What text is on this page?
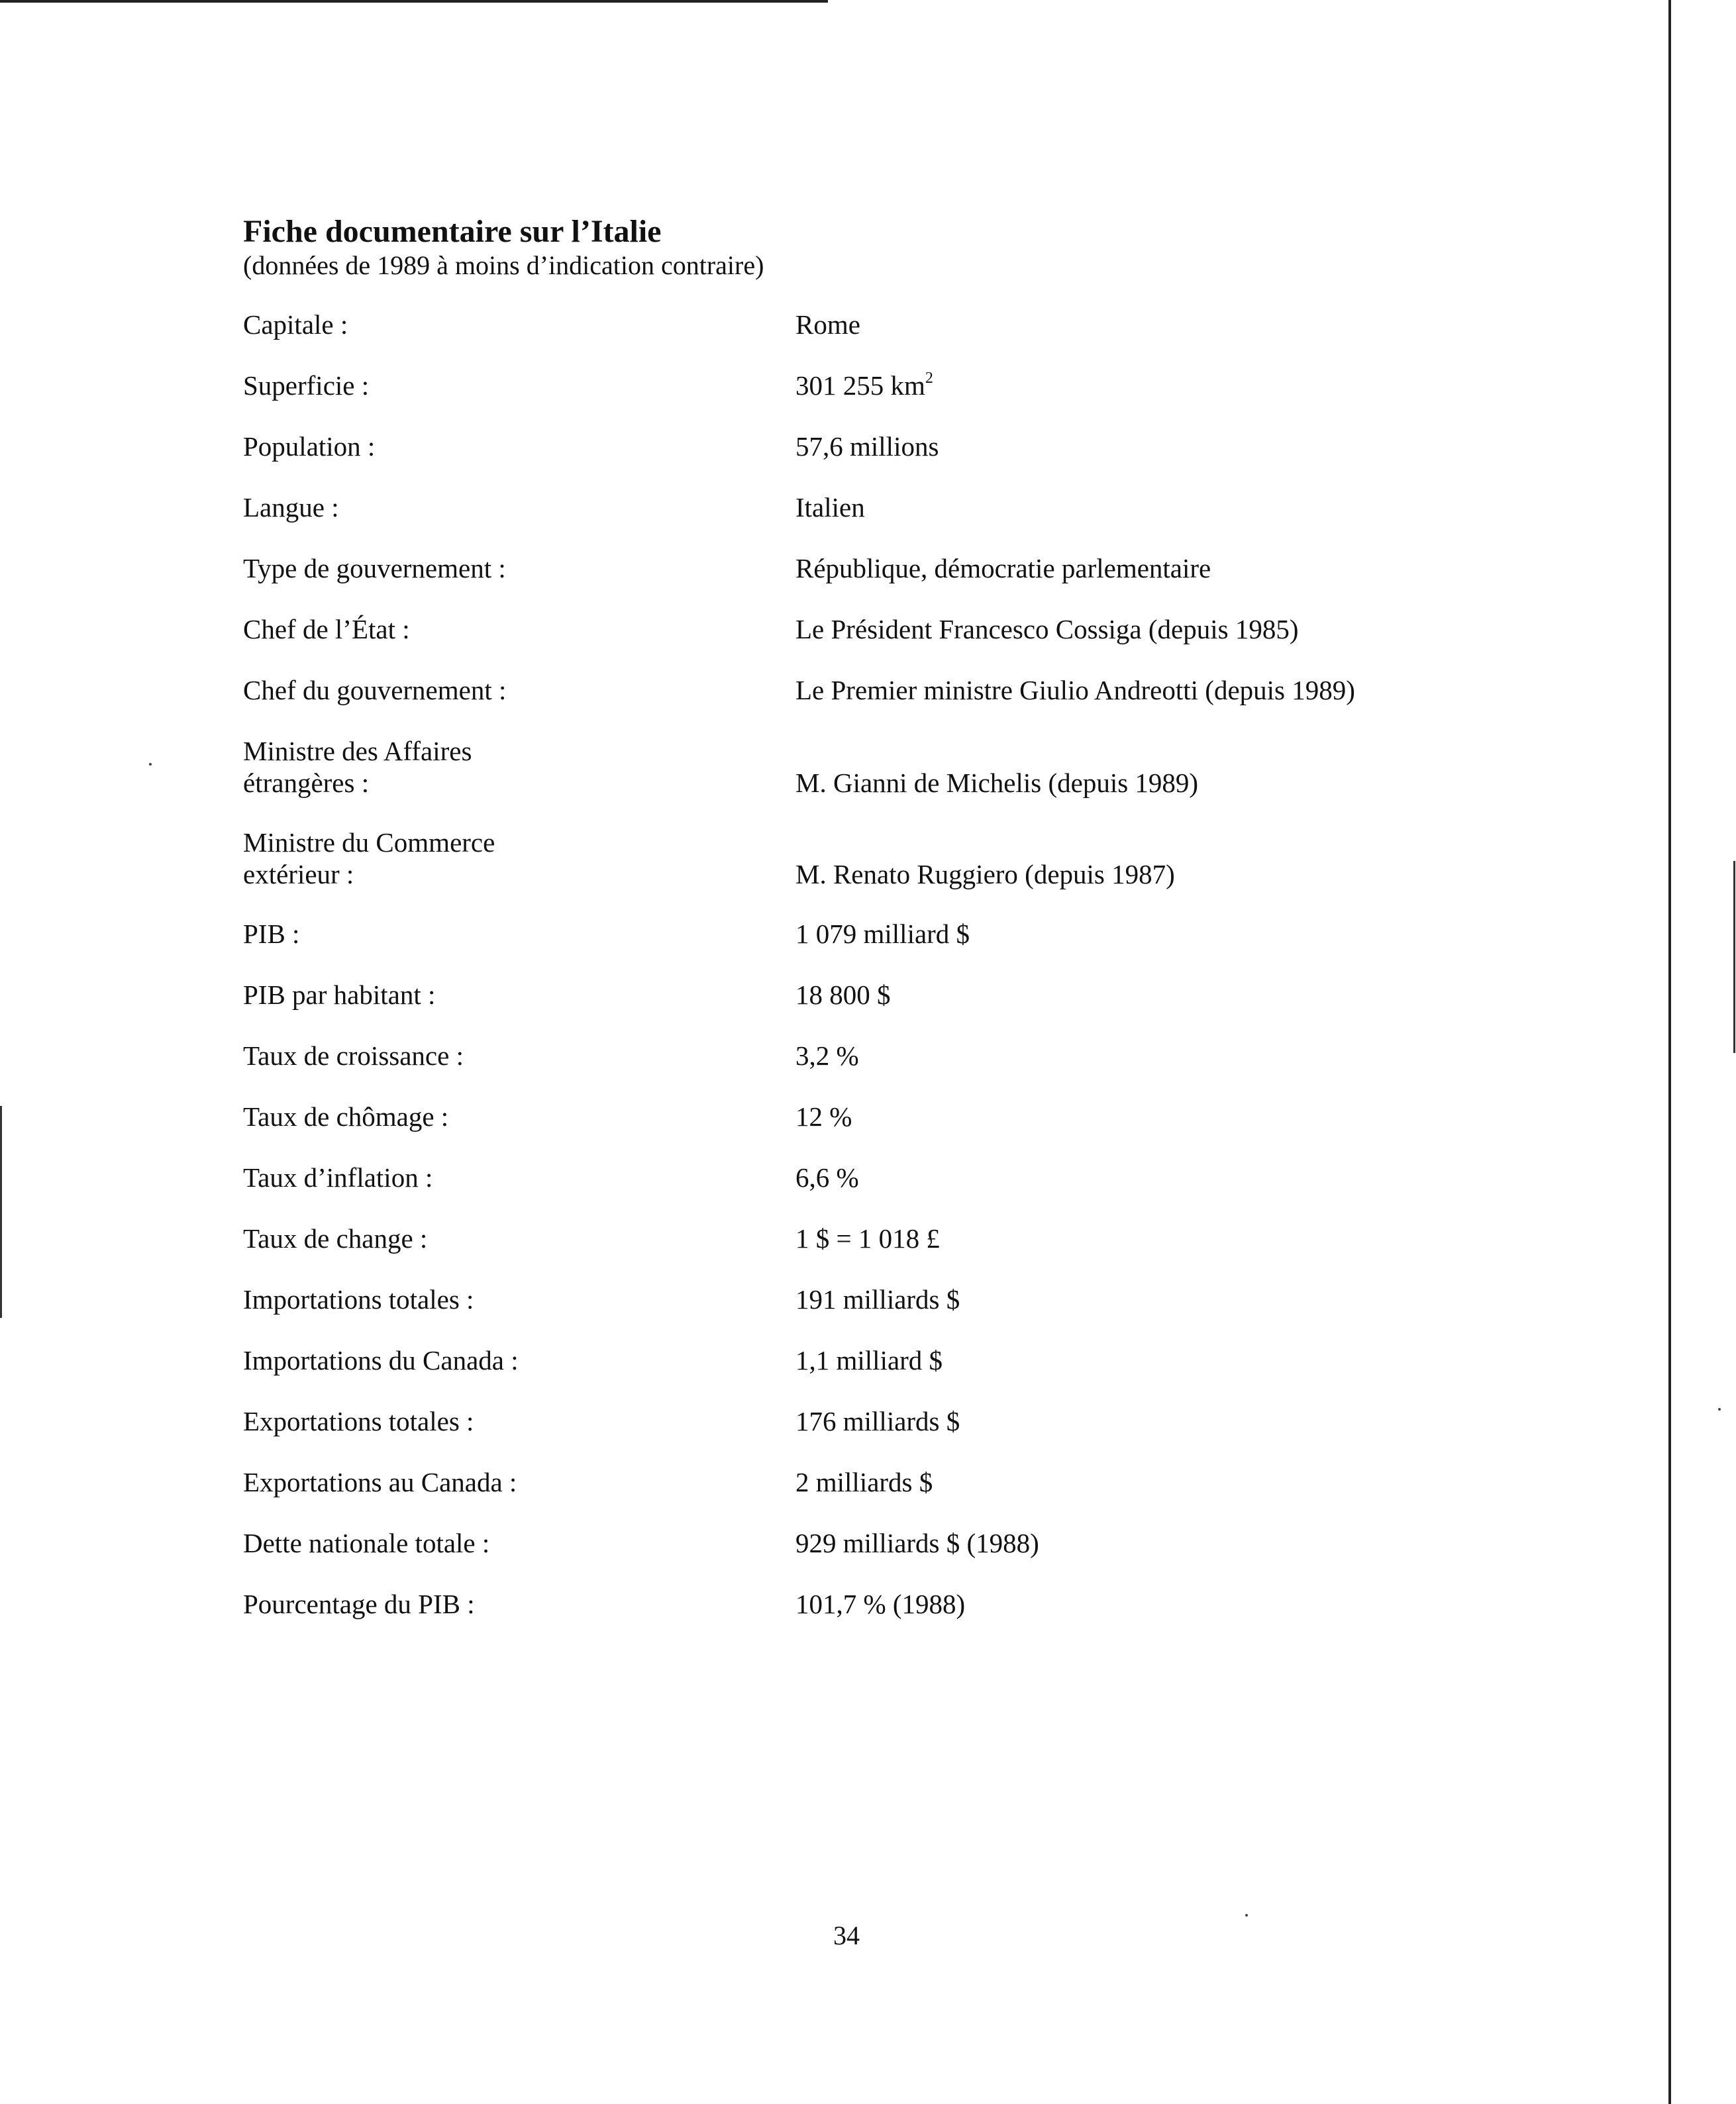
Fiche documentaire sur l’Italie

(données de 1989 à moins d’indication contraire)

Capitale :	Rome
Superficie :	301 255 $km^2$
Population :	57,6 millions
Langue :	Italien
Type de gouvernement :	République, démocratie parlementaire
Chef de l’État :	Le Président Francesco Cossiga (depuis 1985)
Chef du gouvernement :	Le Premier ministre Giulio Andreotti (depuis 1989)
Ministre des Affaires
étrangères :	M. Gianni de Michelis (depuis 1989)
Ministre du Commerce
extérieur :	M. Renato Ruggiero (depuis 1987)
PIB :	1 079 milliard $
PIB par habitant :	18 800 $
Taux de croissance :	3,2 %
Taux de chômage :	12 %
Taux d’inflation :	6,6 %
Taux de change :	1 $ = 1 018 £
Importations totales :	191 milliards $
Importations du Canada :	1,1 milliard $
Exportations totales :	176 milliards $
Exportations au Canada :	2 milliards $
Dette nationale totale :	929 milliards $ (1988)
Pourcentage du PIB :	101,7 % (1988)
34
